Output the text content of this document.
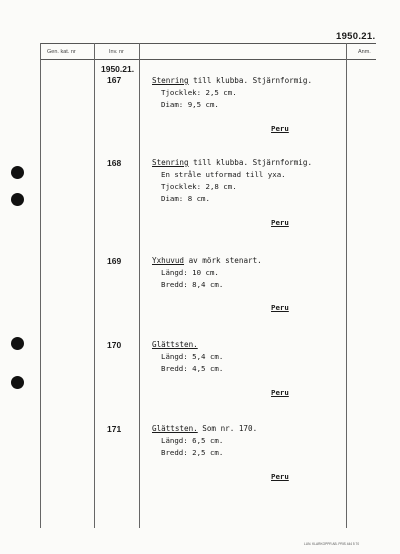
1950.21.
Gen. kat. nr	Inv. nr	Anm.
1950.21.
167	Stenring till klubba. Stjärnformig.
Tjocklek: 2,5 cm.
Diam: 9,5 cm.
Peru
168	Stenring till klubba. Stjärnformig.
En stråle utformad till yxa.
Tjocklek: 2,8 cm.
Diam: 8 cm.
Peru
169	Yxhuvud av mörk stenart.
Längd: 10 cm.
Bredd: 8,4 cm.
Peru
170	Glättsten.
Längd: 5,4 cm.
Bredd: 4,5 cm.
Peru
171	Glättsten. Som nr. 170.
Längd: 6,5 cm.
Bredd: 2,5 cm.
Peru
LUN. KLARKOPPR AB. PRIS 444 5 70
